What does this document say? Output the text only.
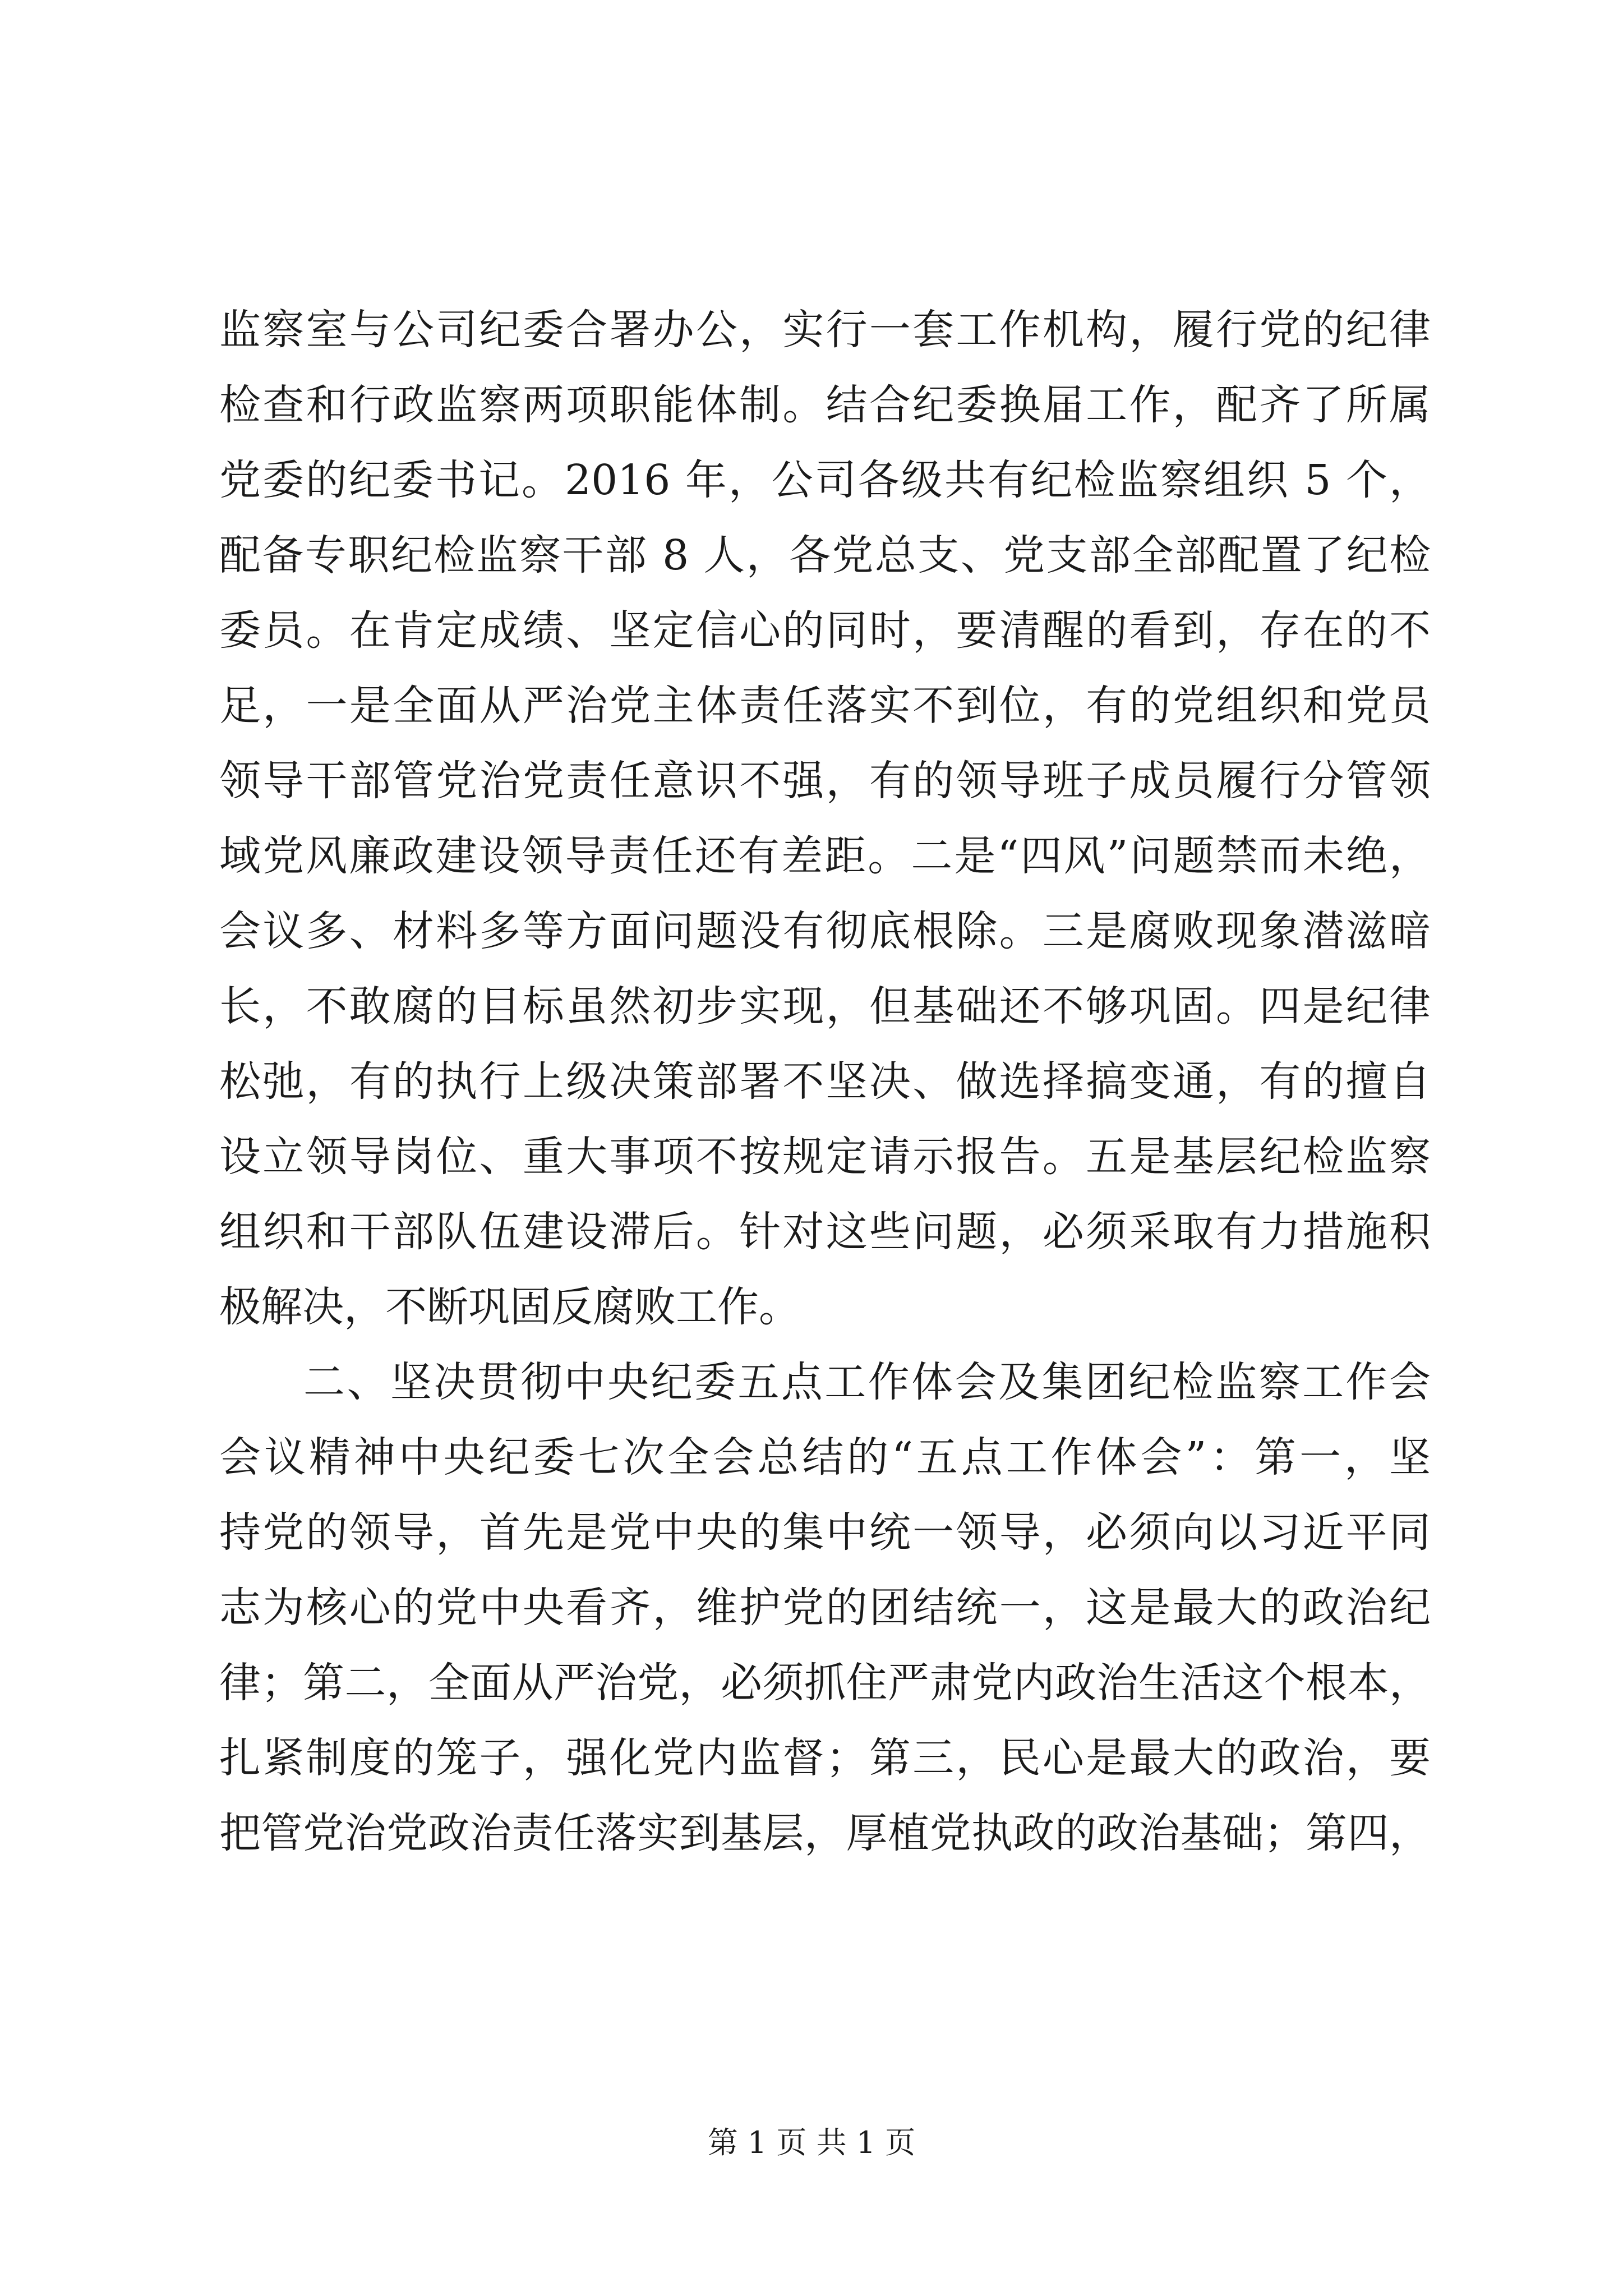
监察室与公司纪委合署办公，实行一套工作机构，履行党的纪律
检查和行政监察两项职能体制。结合纪委换届工作，配齐了所属
党委的纪委书记。2016 年，公司各级共有纪检监察组织 5 个，
配备专职纪检监察干部 8 人，各党总支、党支部全部配置了纪检
委员。在肯定成绩、坚定信心的同时，要清醒的看到，存在的不
足，一是全面从严治党主体责任落实不到位，有的党组织和党员
领导干部管党治党责任意识不强，有的领导班子成员履行分管领
域党风廉政建设领导责任还有差距。二是“四风”问题禁而未绝，
会议多、材料多等方面问题没有彻底根除。三是腐败现象潜滋暗
长，不敢腐的目标虽然初步实现，但基础还不够巩固。四是纪律
松弛，有的执行上级决策部署不坚决、做选择搞变通，有的擅自
设立领导岗位、重大事项不按规定请示报告。五是基层纪检监察
组织和干部队伍建设滞后。针对这些问题，必须采取有力措施积
极解决，不断巩固反腐败工作。
二、坚决贯彻中央纪委五点工作体会及集团纪检监察工作会
会议精神中央纪委七次全会总结的“五点工作体会”：第一，坚
持党的领导，首先是党中央的集中统一领导，必须向以习近平同
志为核心的党中央看齐，维护党的团结统一，这是最大的政治纪
律；第二，全面从严治党，必须抓住严肃党内政治生活这个根本，
扎紧制度的笼子，强化党内监督；第三，民心是最大的政治，要
把管党治党政治责任落实到基层，厚植党执政的政治基础；第四，
第 1 页 共 1 页
